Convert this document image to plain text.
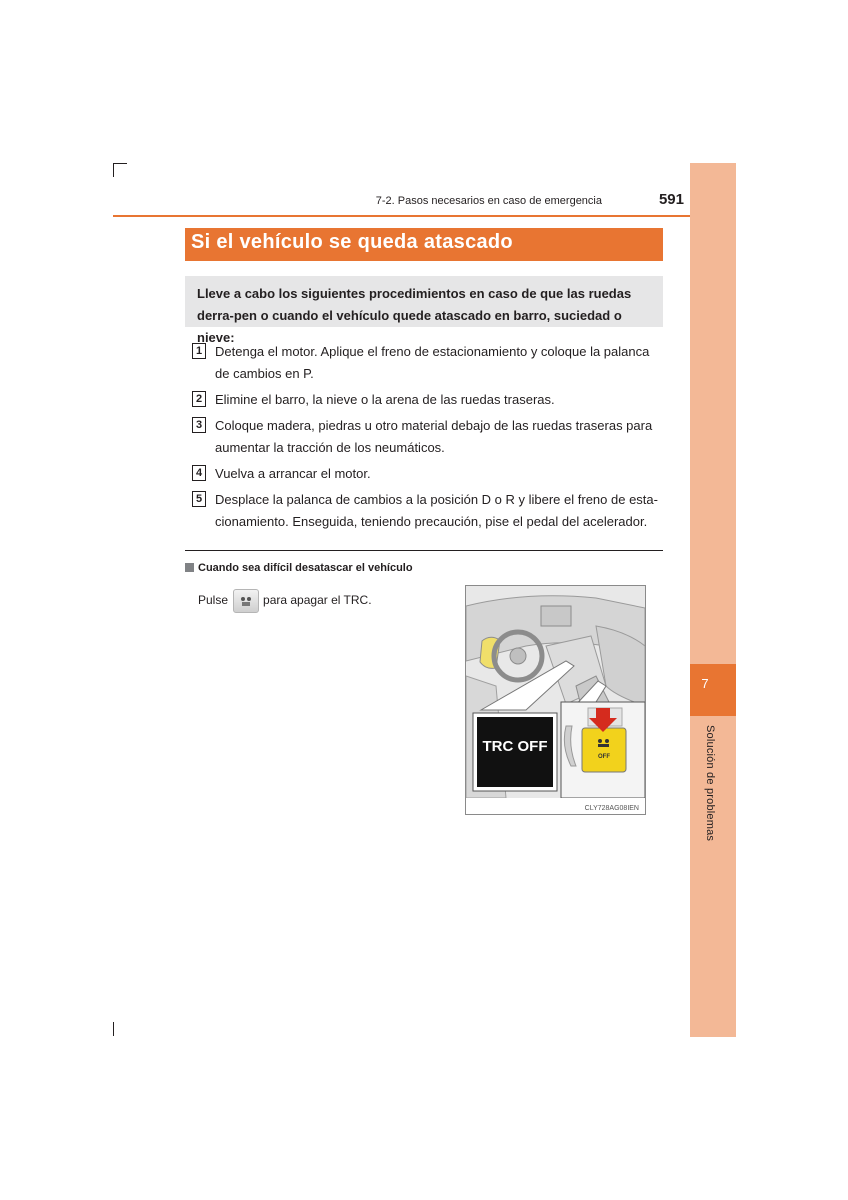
7-2. Pasos necesarios en caso de emergencia	591
7
Solución de problemas
Si el vehículo se queda atascado
Lleve a cabo los siguientes procedimientos en caso de que las ruedas derra-pen o cuando el vehículo quede atascado en barro, suciedad o nieve:
1 Detenga el motor. Aplique el freno de estacionamiento y coloque la palanca de cambios en P.
2 Elimine el barro, la nieve o la arena de las ruedas traseras.
3 Coloque madera, piedras u otro material debajo de las ruedas traseras para aumentar la tracción de los neumáticos.
4 Vuelva a arrancar el motor.
5 Desplace la palanca de cambios a la posición D o R y libere el freno de esta-cionamiento. Enseguida, teniendo precaución, pise el pedal del acelerador.
Cuando sea difícil desatascar el vehículo
Pulse	para apagar el TRC.
TRC OFF
OFF
CLY728AG08IEN
